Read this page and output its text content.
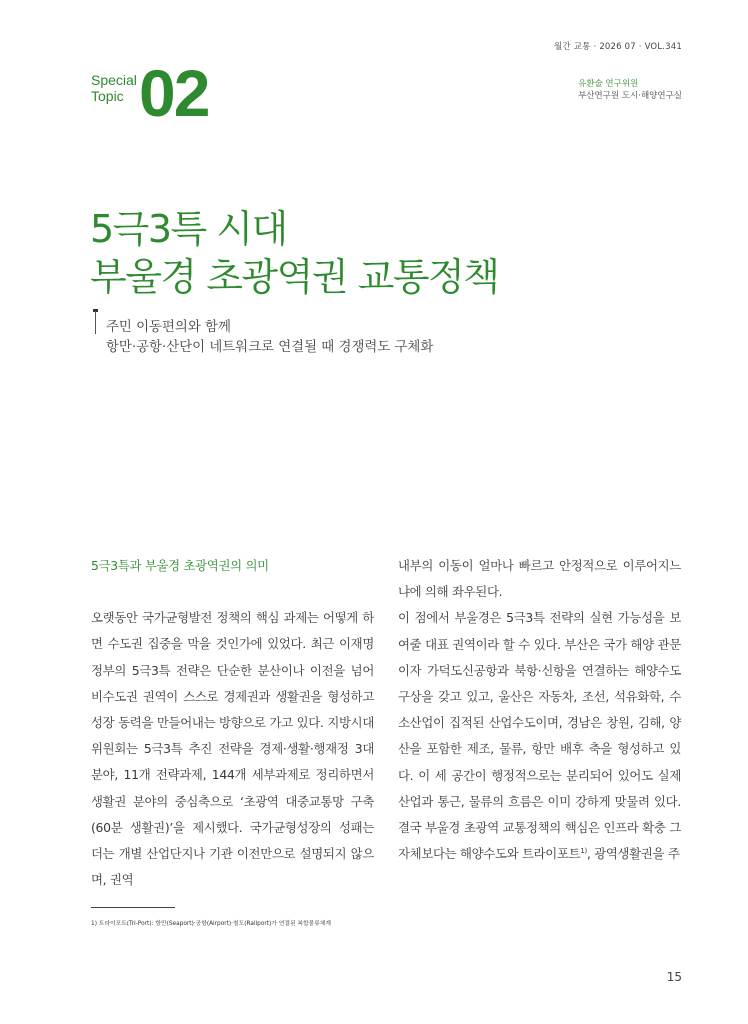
월간 교통 · 2026 07 · VOL.341
Special
Topic 02	유환술 연구위원
부산연구원 도시·해양연구실
5극3특 시대
부울경 초광역권 교통정책
주민 이동편의와 함께
항만·공항·산단이 네트워크로 연결될 때 경쟁력도 구체화
5극3특과 부울경 초광역권의 의미

오랫동안 국가균형발전 정책의 핵심 과제는 어떻게 하면 수도권 집중을 막을 것인가에 있었다. 최근 이재명 정부의 5극3특 전략은 단순한 분산이나 이전을 넘어 비수도권 권역이 스스로 경제권과 생활권을 형성하고 성장 동력을 만들어내는 방향으로 가고 있다. 지방시대위원회는 5극3특 추진 전략을 경제·생활·행재정 3대 분야, 11개 전략과제, 144개 세부과제로 정리하면서 생활권 분야의 중심축으로 ‘초광역 대중교통망 구축(60분 생활권)’을 제시했다. 국가균형성장의 성패는 더는 개별 산업단지나 기관 이전만으로 설명되지 않으며, 권역

내부의 이동이 얼마나 빠르고 안정적으로 이루어지느냐에 의해 좌우된다.

이 점에서 부울경은 5극3특 전략의 실현 가능성을 보여줄 대표 권역이라 할 수 있다. 부산은 국가 해양 관문이자 가덕도신공항과 북항·신항을 연결하는 해양수도 구상을 갖고 있고, 울산은 자동차, 조선, 석유화학, 수소산업이 집적된 산업수도이며, 경남은 창원, 김해, 양산을 포함한 제조, 물류, 항만 배후 축을 형성하고 있다. 이 세 공간이 행정적으로는 분리되어 있어도 실제 산업과 통근, 물류의 흐름은 이미 강하게 맞물려 있다. 결국 부울경 초광역 교통정책의 핵심은 인프라 확충 그 자체보다는 해양수도와 트라이포트$^{1)}$, 광역생활권을 주

1) 트라이포트(Tri-Port): 항만(Seaport)·공항(Airport)·철도(Railport)가 연결된 복합물류체계
15
